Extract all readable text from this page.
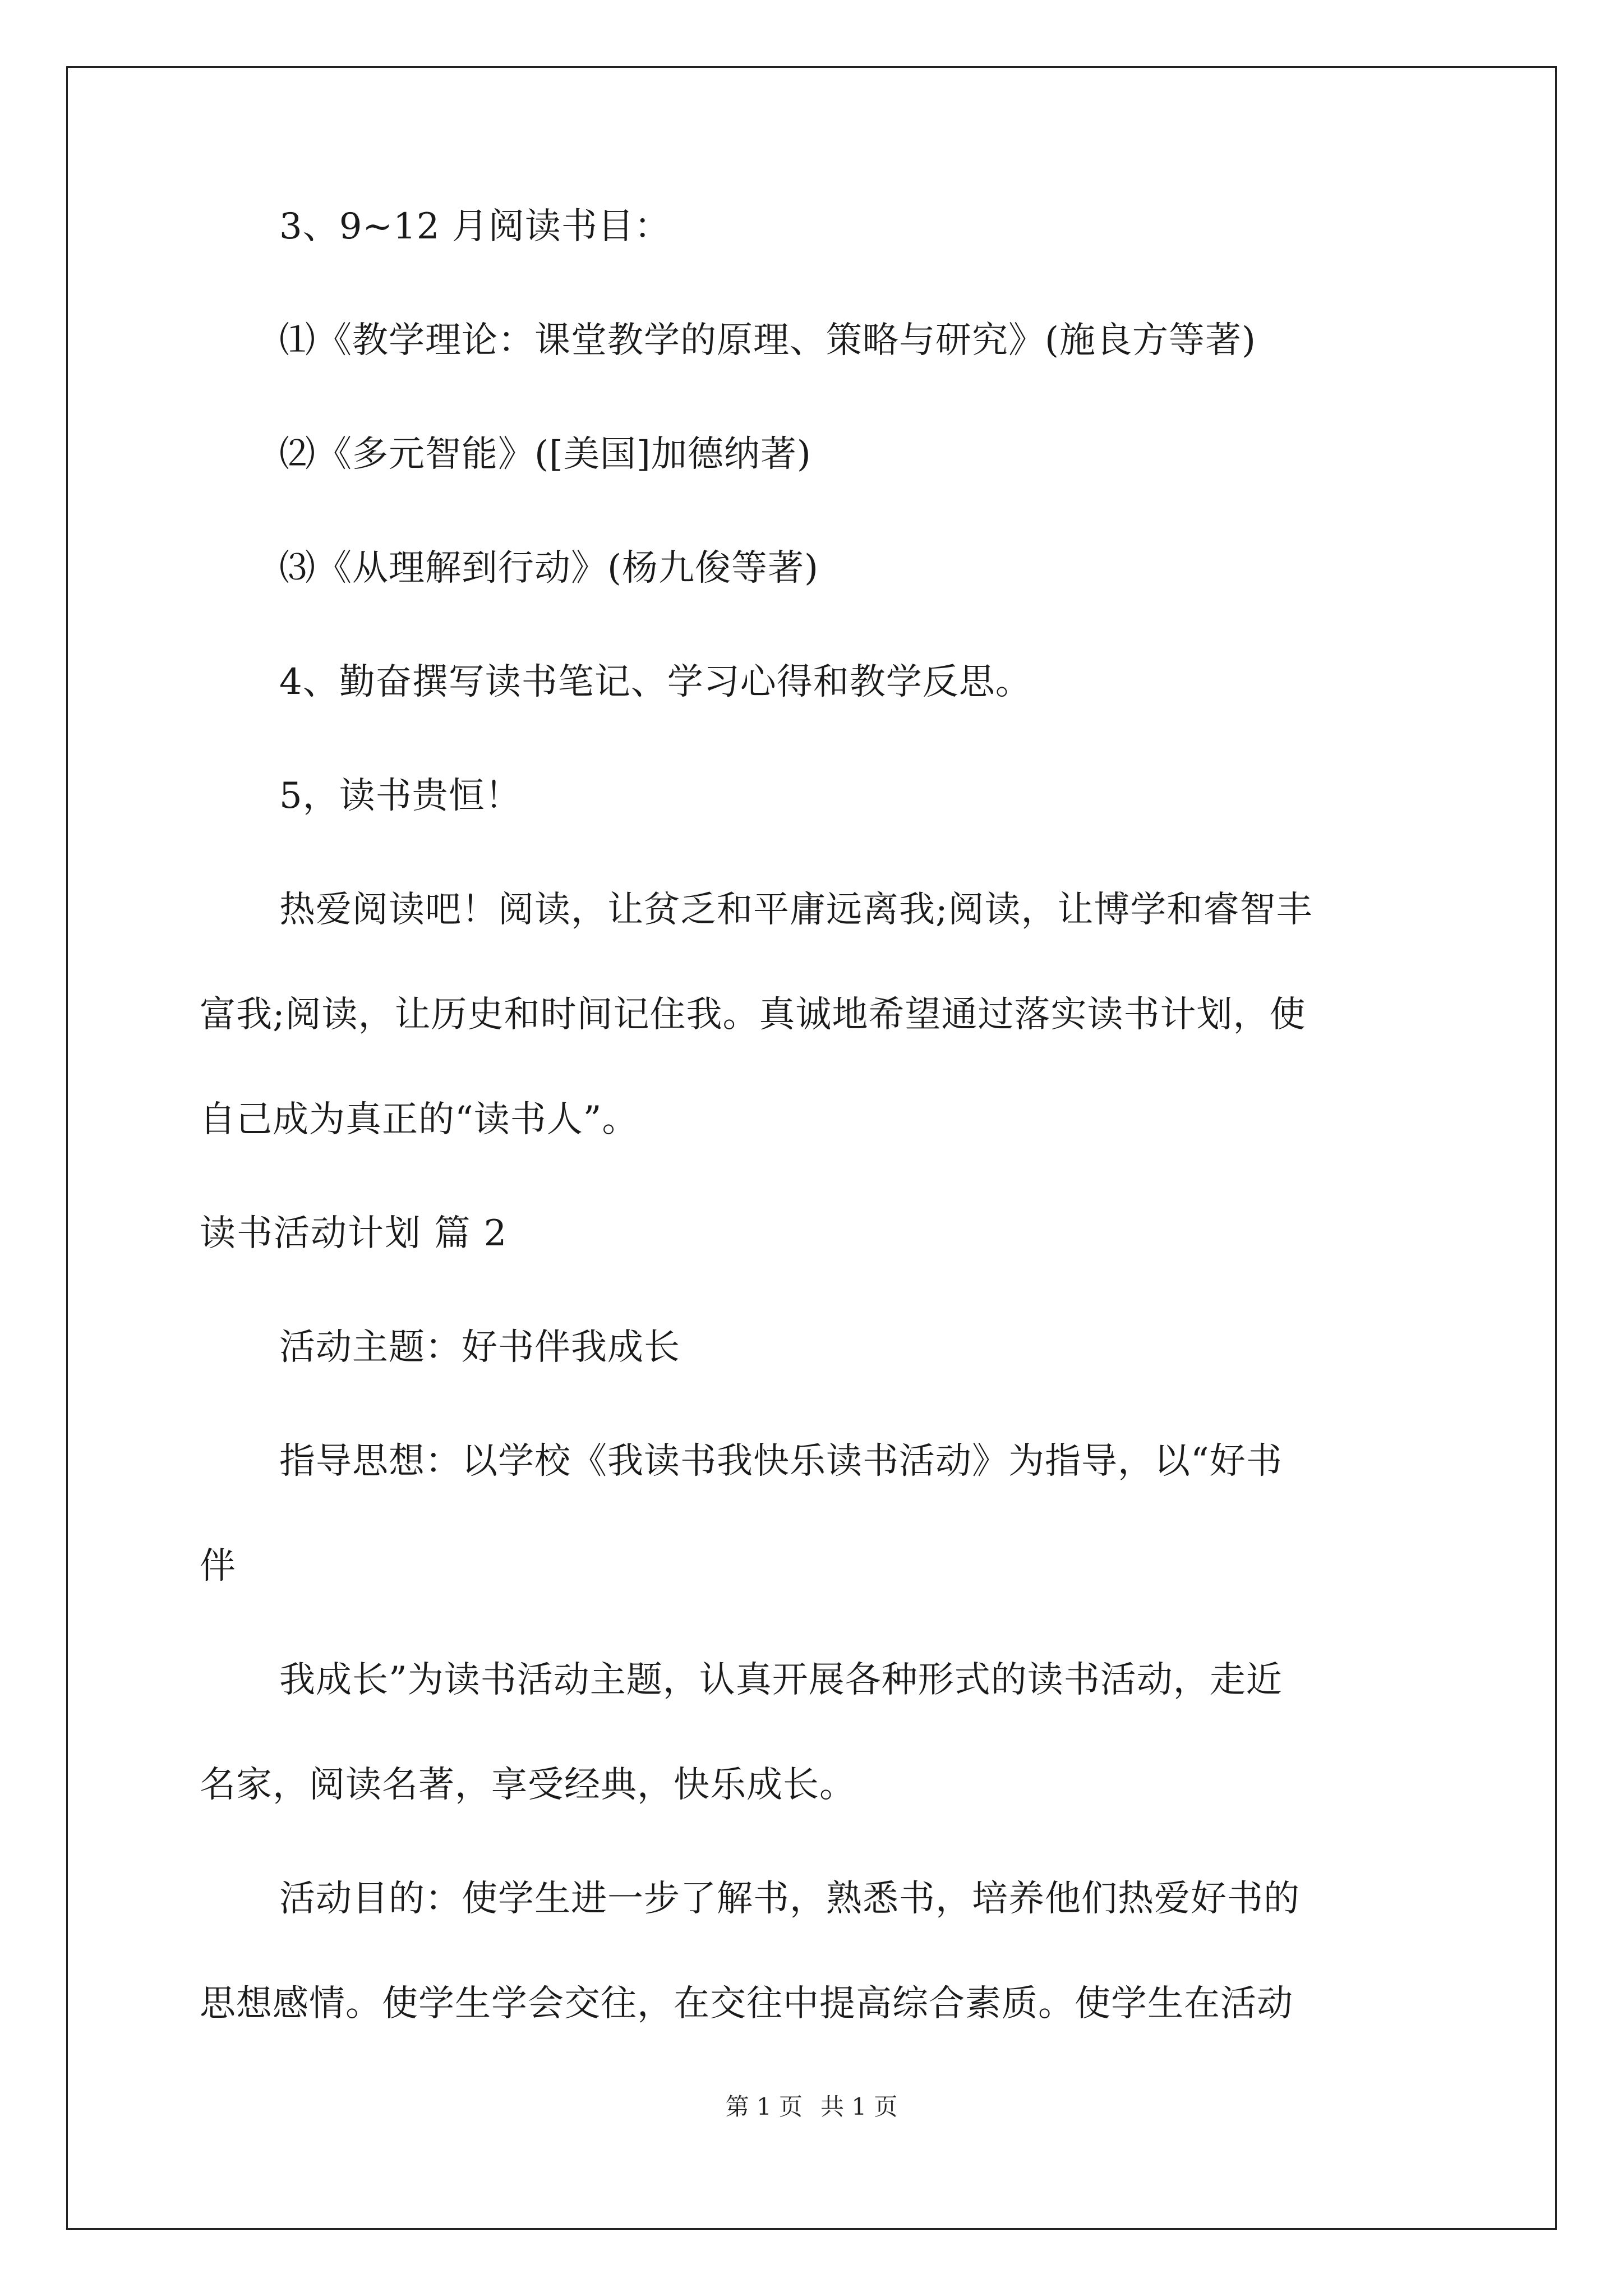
3、9~12 月阅读书目：
⑴《教学理论：课堂教学的原理、策略与研究》(施良方等著)
⑵《多元智能》([美国]加德纳著)
⑶《从理解到行动》(杨九俊等著)
4、勤奋撰写读书笔记、学习心得和教学反思。
5，读书贵恒！
热爱阅读吧！阅读，让贫乏和平庸远离我;阅读，让博学和睿智丰
富我;阅读，让历史和时间记住我。真诚地希望通过落实读书计划，使
自己成为真正的“读书人”。
读书活动计划 篇 2
活动主题：好书伴我成长
指导思想：以学校《我读书我快乐读书活动》为指导，以“好书
伴
我成长”为读书活动主题，认真开展各种形式的读书活动，走近
名家，阅读名著，享受经典，快乐成长。
活动目的：使学生进一步了解书，熟悉书，培养他们热爱好书的
思想感情。使学生学会交往，在交往中提高综合素质。使学生在活动
第 1 页 共 1 页
